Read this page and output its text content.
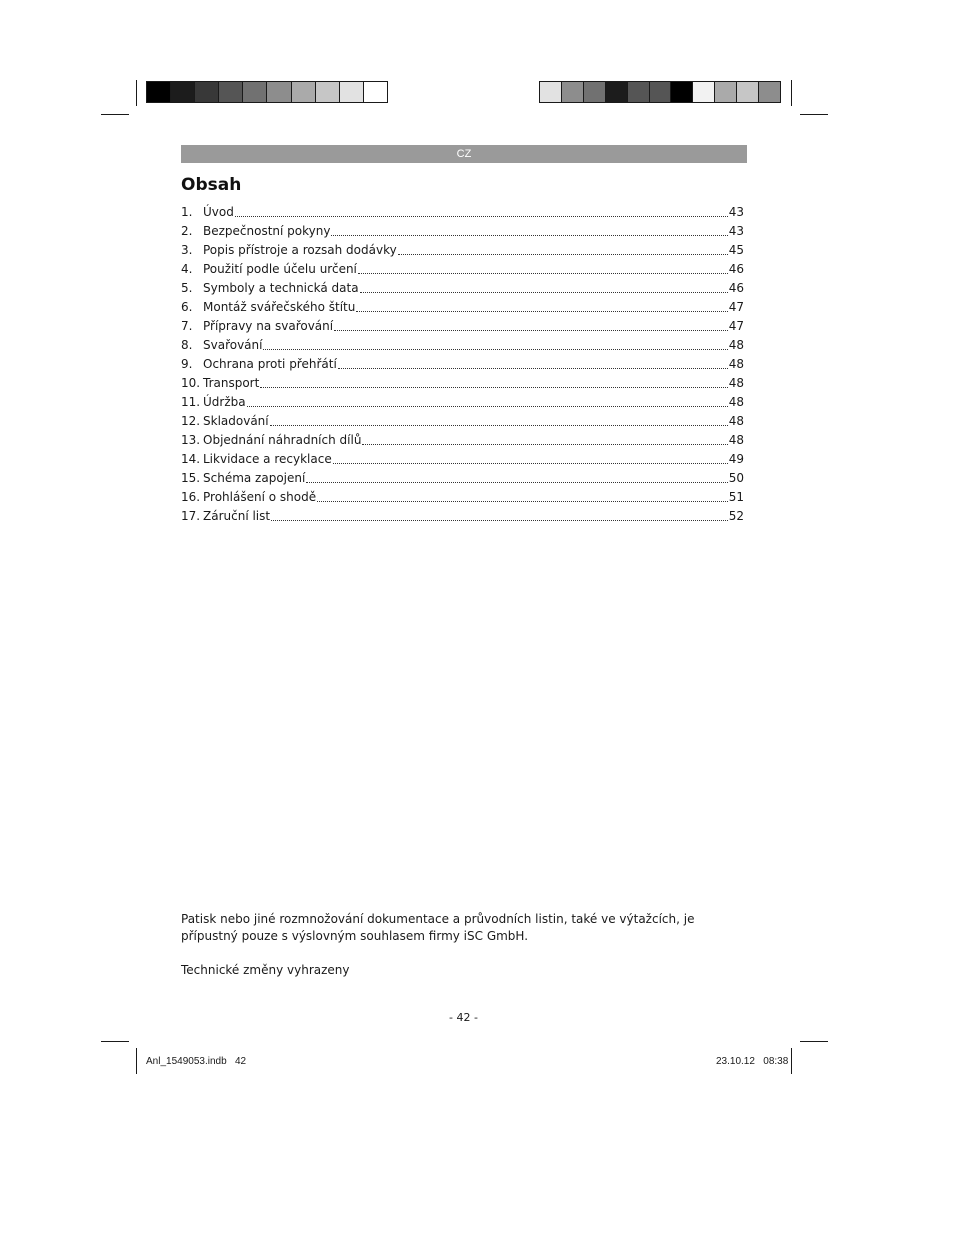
CZ
Obsah
1. Úvod	43
2. Bezpečnostní pokyny	43
3. Popis přístroje a rozsah dodávky	45
4. Použití podle účelu určení	46
5. Symboly a technická data	46
6. Montáž svářečského štítu	47
7. Přípravy na svařování	47
8. Svařování	48
9. Ochrana proti přehřátí	48
10. Transport	48
11. Údržba	48
12. Skladování	48
13. Objednání náhradních dílů	48
14. Likvidace a recyklace	49
15. Schéma zapojení	50
16. Prohlášení o shodě	51
17. Záruční list	52
Patisk nebo jiné rozmnožování dokumentace a průvodních listin, také ve výtažcích, je přípustný pouze s výslovným souhlasem firmy iSC GmbH.
Technické změny vyhrazeny
- 42 -
Anl_1549053.indb   42	23.10.12   08:38
